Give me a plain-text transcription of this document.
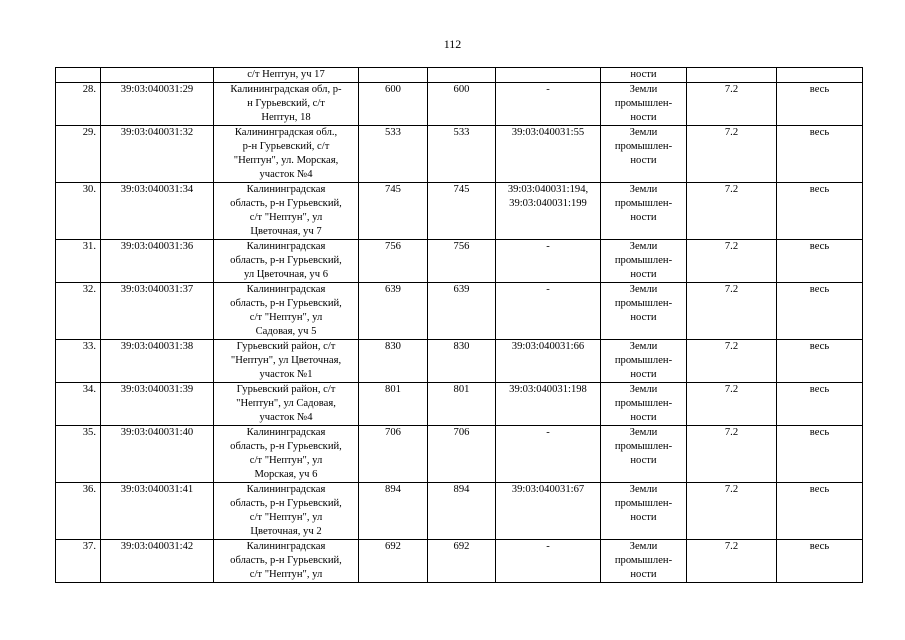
112

		с/т Нептун, уч 17				ности		

28.	39:03:040031:29	Калининградская обл, р-
н Гурьевский, с/т
Нептун, 18	600	600	-	Земли
промышлен-
ности	7.2	весь
29.	39:03:040031:32	Калининградская обл.,
р-н Гурьевский, с/т
"Нептун", ул. Морская,
участок №4	533	533	39:03:040031:55	Земли
промышлен-
ности	7.2	весь
30.	39:03:040031:34	Калининградская
область, р-н Гурьевский,
с/т "Нептун", ул
Цветочная, уч 7	745	745	39:03:040031:194,
39:03:040031:199	Земли
промышлен-
ности	7.2	весь
31.	39:03:040031:36	Калининградская
область, р-н Гурьевский,
ул Цветочная, уч 6	756	756	-	Земли
промышлен-
ности	7.2	весь
32.	39:03:040031:37	Калининградская
область, р-н Гурьевский,
с/т "Нептун", ул
Садовая, уч 5	639	639	-	Земли
промышлен-
ности	7.2	весь
33.	39:03:040031:38	Гурьевский район, с/т
"Нептун", ул Цветочная,
участок №1	830	830	39:03:040031:66	Земли
промышлен-
ности	7.2	весь
34.	39:03:040031:39	Гурьевский район, с/т
"Нептун", ул Садовая,
участок №4	801	801	39:03:040031:198	Земли
промышлен-
ности	7.2	весь
35.	39:03:040031:40	Калининградская
область, р-н Гурьевский,
с/т "Нептун", ул
Морская, уч 6	706	706	-	Земли
промышлен-
ности	7.2	весь
36.	39:03:040031:41	Калининградская
область, р-н Гурьевский,
с/т "Нептун", ул
Цветочная, уч 2	894	894	39:03:040031:67	Земли
промышлен-
ности	7.2	весь
37.	39:03:040031:42	Калининградская
область, р-н Гурьевский,
с/т "Нептун", ул	692	692	-	Земли
промышлен-
ности	7.2	весь
